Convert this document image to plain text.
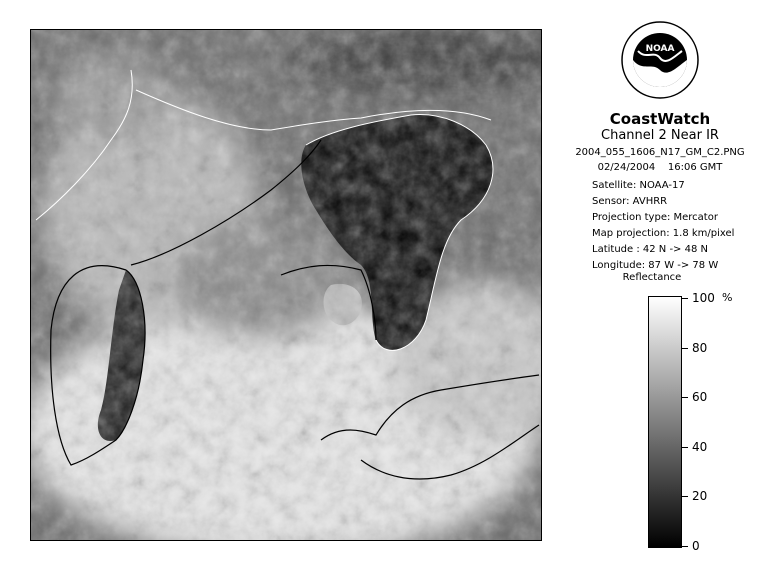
NOAA
CoastWatch
Channel 2 Near IR
2004_055_1606_N17_GM_C2.PNG
02/24/2004    16:06 GMT
Satellite: NOAA-17
Sensor: AVHRR
Projection type: Mercator
Map projection: 1.8 km/pixel
Latitude : 42 N -> 48 N
Longitude: 87 W -> 78 W
Reflectance
%
0
20
40
60
80
100
